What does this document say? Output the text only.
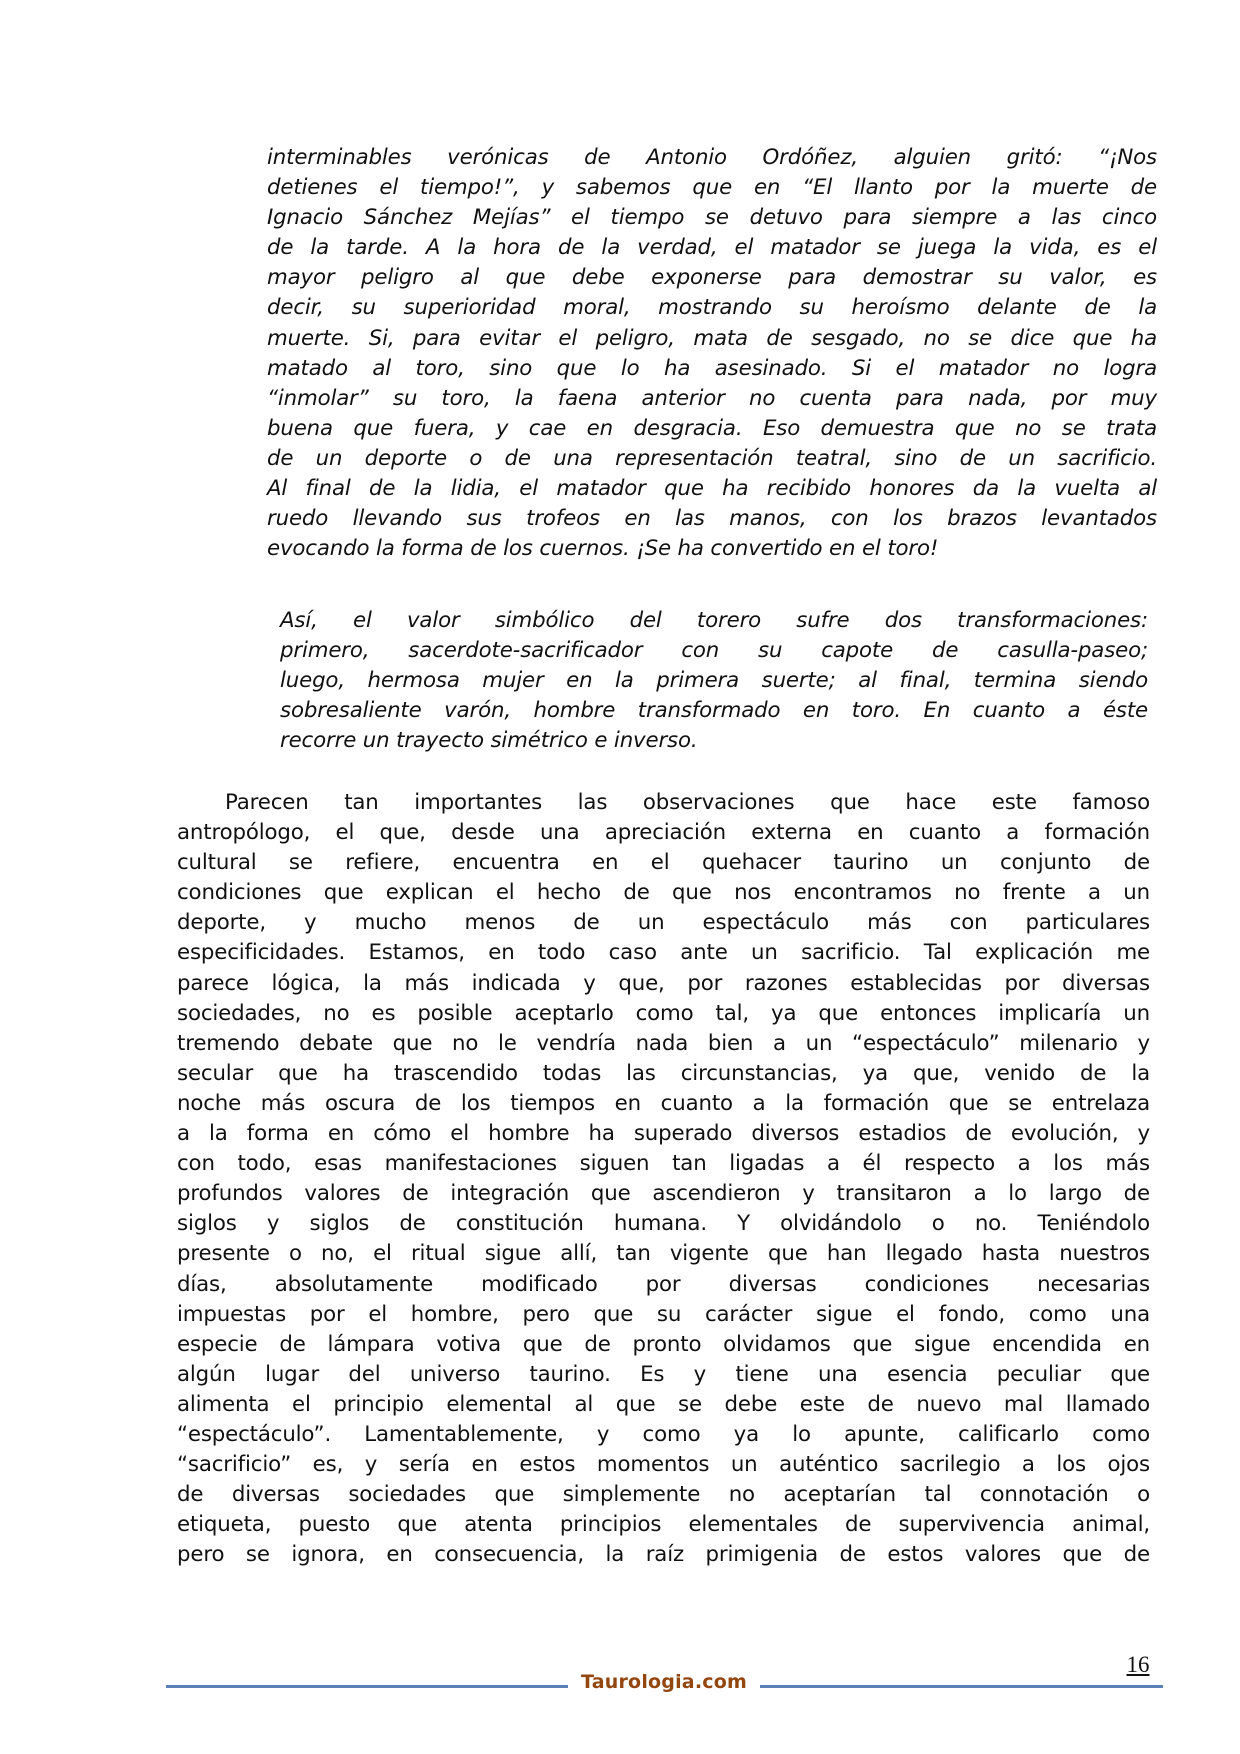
interminables verónicas de Antonio Ordóñez, alguien gritó: “¡Nos
detienes el tiempo!”, y sabemos que en “El llanto por la muerte de
Ignacio Sánchez Mejías” el tiempo se detuvo para siempre a las cinco
de la tarde. A la hora de la verdad, el matador se juega la vida, es el
mayor peligro al que debe exponerse para demostrar su valor, es
decir, su superioridad moral, mostrando su heroísmo delante de la
muerte. Si, para evitar el peligro, mata de sesgado, no se dice que ha
matado al toro, sino que lo ha asesinado. Si el matador no logra
“inmolar” su toro, la faena anterior no cuenta para nada, por muy
buena que fuera, y cae en desgracia. Eso demuestra que no se trata
de un deporte o de una representación teatral, sino de un sacrificio.
Al final de la lidia, el matador que ha recibido honores da la vuelta al
ruedo llevando sus trofeos en las manos, con los brazos levantados
evocando la forma de los cuernos. ¡Se ha convertido en el toro!
Así, el valor simbólico del torero sufre dos transformaciones:
primero, sacerdote-sacrificador con su capote de casulla-paseo;
luego, hermosa mujer en la primera suerte; al final, termina siendo
sobresaliente varón, hombre transformado en toro. En cuanto a éste
recorre un trayecto simétrico e inverso.
Parecen tan importantes las observaciones que hace este famoso
antropólogo, el que, desde una apreciación externa en cuanto a formación
cultural se refiere, encuentra en el quehacer taurino un conjunto de
condiciones que explican el hecho de que nos encontramos no frente a un
deporte, y mucho menos de un espectáculo más con particulares
especificidades. Estamos, en todo caso ante un sacrificio. Tal explicación me
parece lógica, la más indicada y que, por razones establecidas por diversas
sociedades, no es posible aceptarlo como tal, ya que entonces implicaría un
tremendo debate que no le vendría nada bien a un “espectáculo” milenario y
secular que ha trascendido todas las circunstancias, ya que, venido de la
noche más oscura de los tiempos en cuanto a la formación que se entrelaza
a la forma en cómo el hombre ha superado diversos estadios de evolución, y
con todo, esas manifestaciones siguen tan ligadas a él respecto a los más
profundos valores de integración que ascendieron y transitaron a lo largo de
siglos y siglos de constitución humana. Y olvidándolo o no. Teniéndolo
presente o no, el ritual sigue allí, tan vigente que han llegado hasta nuestros
días, absolutamente modificado por diversas condiciones necesarias
impuestas por el hombre, pero que su carácter sigue el fondo, como una
especie de lámpara votiva que de pronto olvidamos que sigue encendida en
algún lugar del universo taurino. Es y tiene una esencia peculiar que
alimenta el principio elemental al que se debe este de nuevo mal llamado
“espectáculo”. Lamentablemente, y como ya lo apunte, calificarlo como
“sacrificio” es, y sería en estos momentos un auténtico sacrilegio a los ojos
de diversas sociedades que simplemente no aceptarían tal connotación o
etiqueta, puesto que atenta principios elementales de supervivencia animal,
pero se ignora, en consecuencia, la raíz primigenia de estos valores que de
Taurologia.com
16
